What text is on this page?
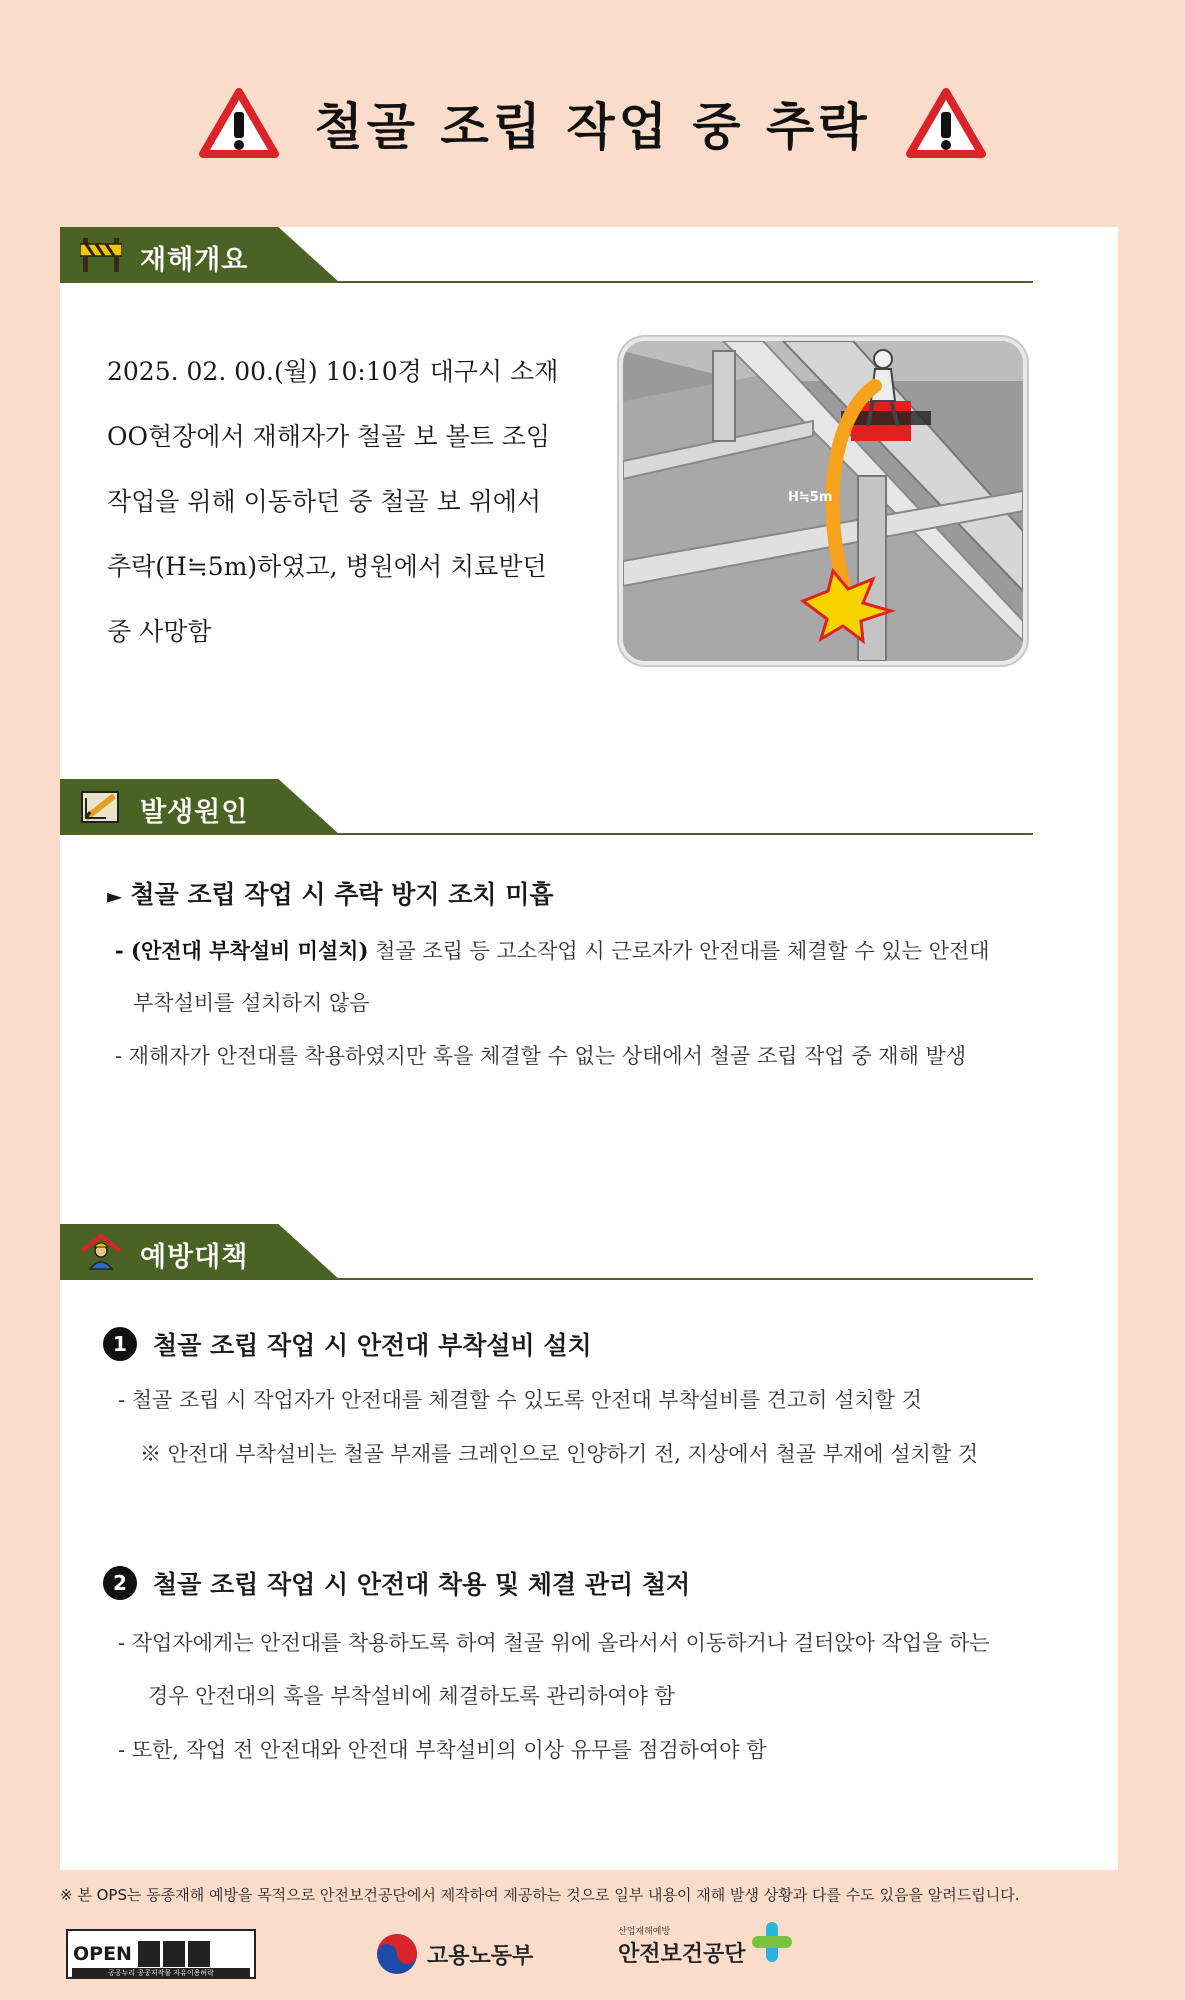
철골 조립 작업 중 추락
재해개요
2025. 02. 00.(월) 10:10경 대구시 소재
OO현장에서 재해자가 철골 보 볼트 조임
작업을 위해 이동하던 중 철골 보 위에서
추락(H≒5m)하였고, 병원에서 치료받던
중 사망함
H≒5m
발생원인

► 철골 조립 작업 시 추락 방지 조치 미흡

- (안전대 부착설비 미설치) 철골 조립 등 고소작업 시 근로자가 안전대를 체결할 수 있는 안전대

부착설비를 설치하지 않음

- 재해자가 안전대를 착용하였지만 훅을 체결할 수 없는 상태에서 철골 조립 작업 중 재해 발생

예방대책
1	철골 조립 작업 시 안전대 부착설비 설치

- 철골 조립 시 작업자가 안전대를 체결할 수 있도록 안전대 부착설비를 견고히 설치할 것

※ 안전대 부착설비는 철골 부재를 크레인으로 인양하기 전, 지상에서 철골 부재에 설치할 것

2	철골 조립 작업 시 안전대 착용 및 체결 관리 철저

- 작업자에게는 안전대를 착용하도록 하여 철골 위에 올라서서 이동하거나 걸터앉아 작업을 하는

경우 안전대의 훅을 부착설비에 체결하도록 관리하여야 함

- 또한, 작업 전 안전대와 안전대 부착설비의 이상 유무를 점검하여야 함

※ 본 OPS는 동종재해 예방을 목적으로 안전보건공단에서 제작하여 제공하는 것으로 일부 내용이 재해 발생 상황과 다를 수도 있음을 알려드립니다.

OPEN
공공누리 공공저작물 자유이용허락
고용노동부
산업재해예방
안전보건공단
